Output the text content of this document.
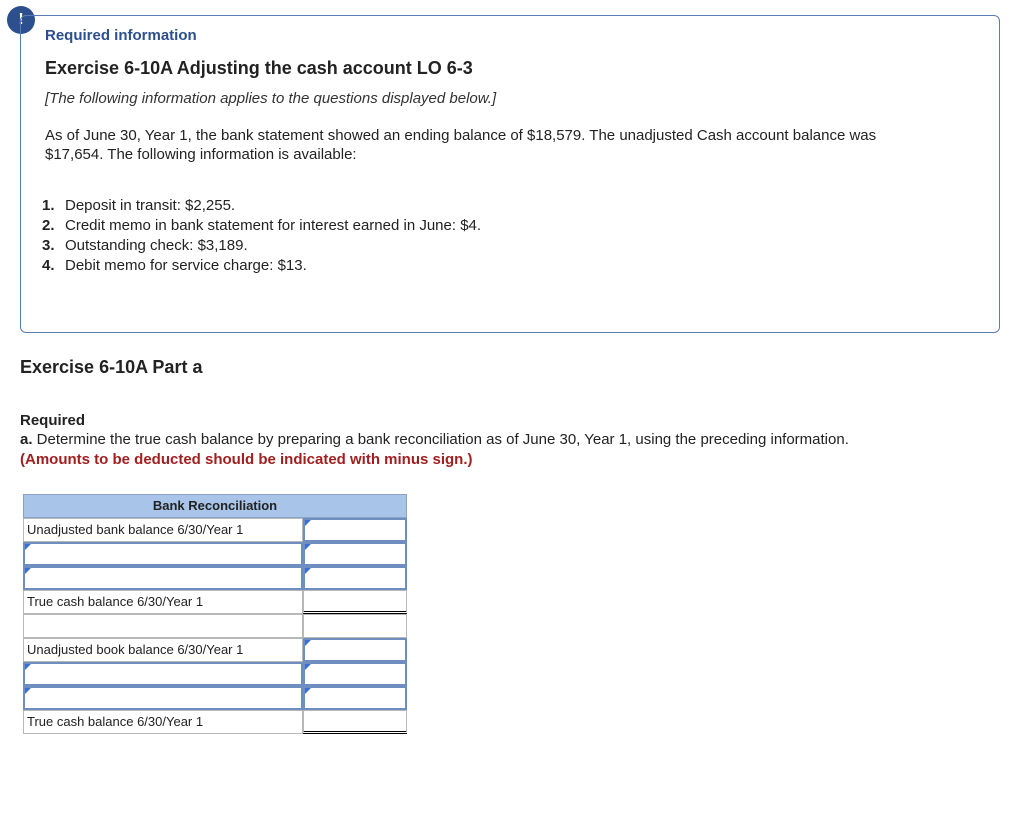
!
Required information
Exercise 6-10A Adjusting the cash account LO 6-3
[The following information applies to the questions displayed below.]
As of June 30, Year 1, the bank statement showed an ending balance of $18,579. The unadjusted Cash account balance was $17,654. The following information is available:
1. Deposit in transit: $2,255.
2. Credit memo in bank statement for interest earned in June: $4.
3. Outstanding check: $3,189.
4. Debit memo for service charge: $13.
Exercise 6-10A Part a
Required
a. Determine the true cash balance by preparing a bank reconciliation as of June 30, Year 1, using the preceding information.
(Amounts to be deducted should be indicated with minus sign.)
Bank Reconciliation
Unadjusted bank balance 6/30/Year 1
True cash balance 6/30/Year 1
Unadjusted book balance 6/30/Year 1
True cash balance 6/30/Year 1
